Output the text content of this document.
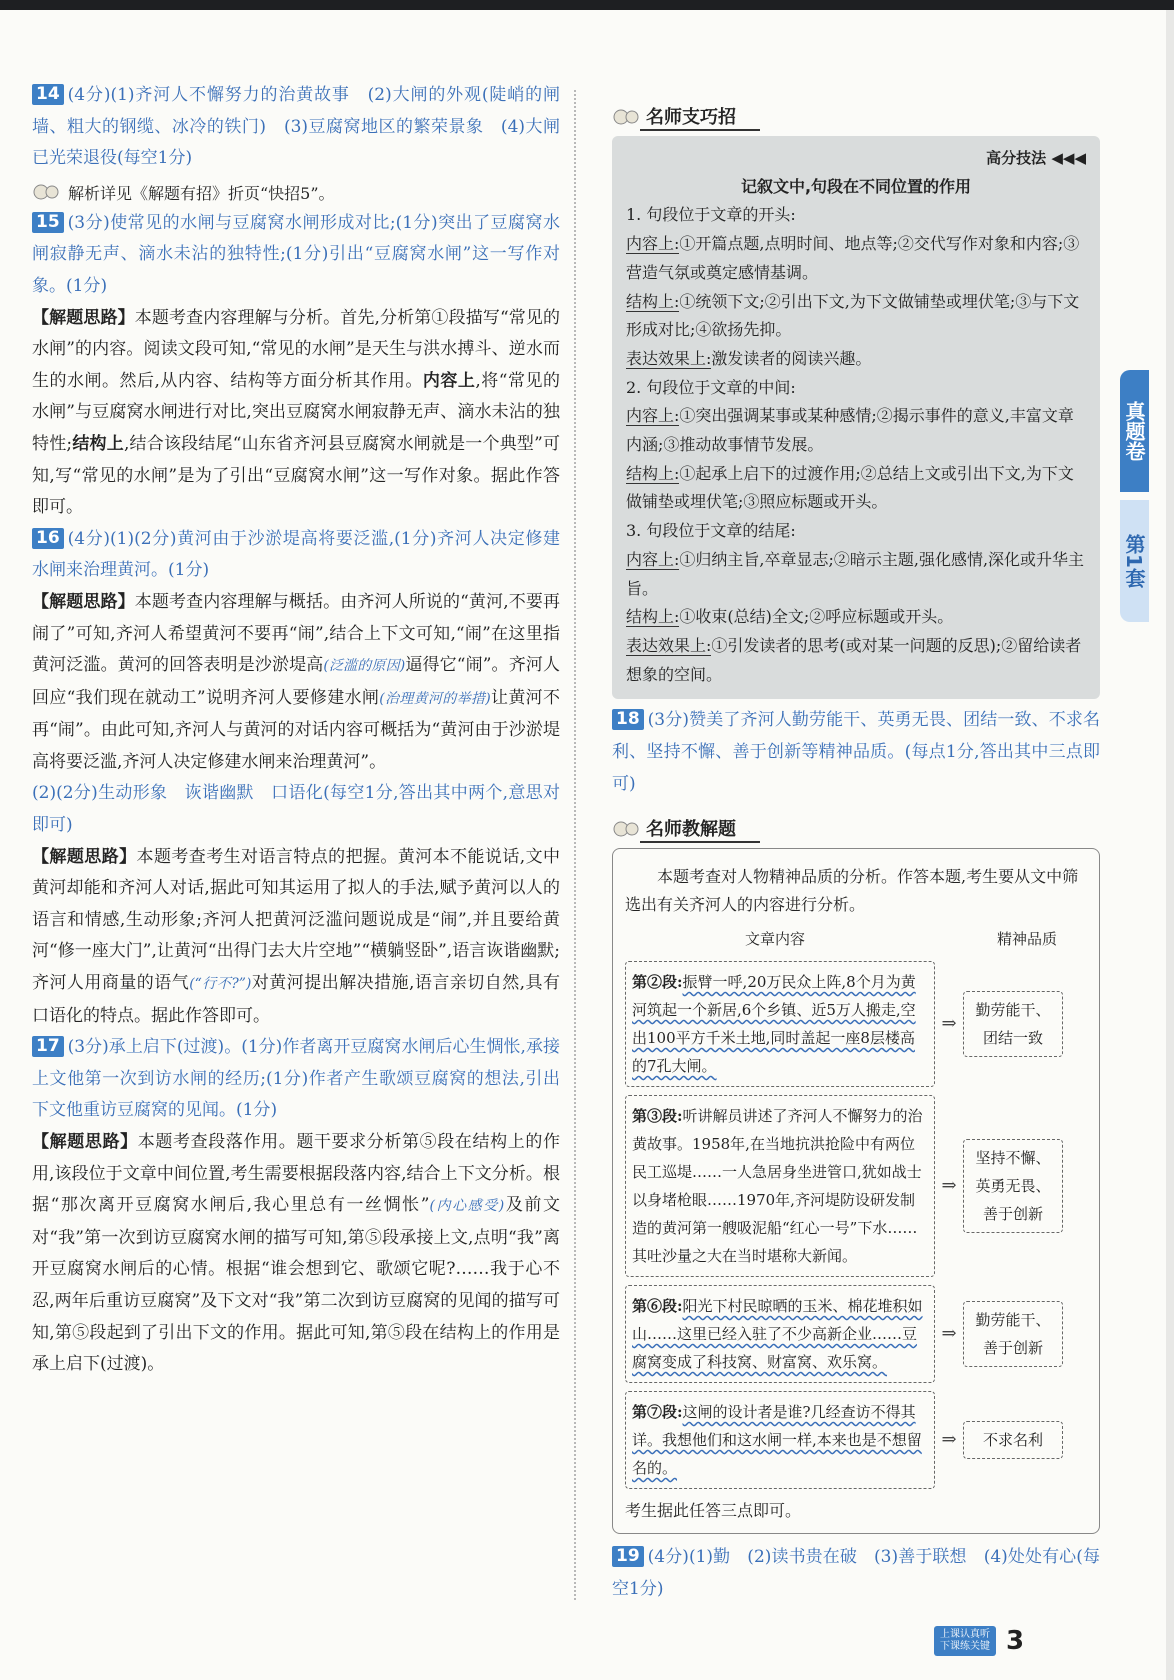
14 (4分)(1)齐河人不懈努力的治黄故事　(2)大闸的外观(陡峭的闸墙、粗大的钢缆、冰冷的铁门)　(3)豆腐窝地区的繁荣景象　(4)大闸已光荣退役(每空1分)

解析详见《解题有招》折页“快招5”。

15 (3分)使常见的水闸与豆腐窝水闸形成对比;(1分)突出了豆腐窝水闸寂静无声、滴水未沾的独特性;(1分)引出“豆腐窝水闸”这一写作对象。(1分)

【解题思路】本题考查内容理解与分析。首先,分析第①段描写“常见的水闸”的内容。阅读文段可知,“常见的水闸”是天生与洪水搏斗、逆水而生的水闸。然后,从内容、结构等方面分析其作用。内容上,将“常见的水闸”与豆腐窝水闸进行对比,突出豆腐窝水闸寂静无声、滴水未沾的独特性;结构上,结合该段结尾“山东省齐河县豆腐窝水闸就是一个典型”可知,写“常见的水闸”是为了引出“豆腐窝水闸”这一写作对象。据此作答即可。

16 (4分)(1)(2分)黄河由于沙淤堤高将要泛滥,(1分)齐河人决定修建水闸来治理黄河。(1分)

【解题思路】本题考查内容理解与概括。由齐河人所说的“黄河,不要再闹了”可知,齐河人希望黄河不要再“闹”,结合上下文可知,“闹”在这里指黄河泛滥。黄河的回答表明是沙淤堤高(泛滥的原因)逼得它“闹”。齐河人回应“我们现在就动工”说明齐河人要修建水闸(治理黄河的举措)让黄河不再“闹”。由此可知,齐河人与黄河的对话内容可概括为“黄河由于沙淤堤高将要泛滥,齐河人决定修建水闸来治理黄河”。

(2)(2分)生动形象　诙谐幽默　口语化(每空1分,答出其中两个,意思对即可)

【解题思路】本题考查考生对语言特点的把握。黄河本不能说话,文中黄河却能和齐河人对话,据此可知其运用了拟人的手法,赋予黄河以人的语言和情感,生动形象;齐河人把黄河泛滥问题说成是“闹”,并且要给黄河“修一座大门”,让黄河“出得门去大片空地”“横躺竖卧”,语言诙谐幽默;齐河人用商量的语气(“行不?”)对黄河提出解决措施,语言亲切自然,具有口语化的特点。据此作答即可。

17 (3分)承上启下(过渡)。(1分)作者离开豆腐窝水闸后心生惆怅,承接上文他第一次到访水闸的经历;(1分)作者产生歌颂豆腐窝的想法,引出下文他重访豆腐窝的见闻。(1分)

【解题思路】本题考查段落作用。题干要求分析第⑤段在结构上的作用,该段位于文章中间位置,考生需要根据段落内容,结合上下文分析。根据“那次离开豆腐窝水闸后,我心里总有一丝惆怅”(内心感受)及前文对“我”第一次到访豆腐窝水闸的描写可知,第⑤段承接上文,点明“我”离开豆腐窝水闸后的心情。根据“谁会想到它、歌颂它呢?……我于心不忍,两年后重访豆腐窝”及下文对“我”第二次到访豆腐窝的见闻的描写可知,第⑤段起到了引出下文的作用。据此可知,第⑤段在结构上的作用是承上启下(过渡)。

名师支巧招
高分技法 ◀◀◀
记叙文中,句段在不同位置的作用

1. 句段位于文章的开头:

内容上:①开篇点题,点明时间、地点等;②交代写作对象和内容;③营造气氛或奠定感情基调。

结构上:①统领下文;②引出下文,为下文做铺垫或埋伏笔;③与下文形成对比;④欲扬先抑。

表达效果上:激发读者的阅读兴趣。

2. 句段位于文章的中间:

内容上:①突出强调某事或某种感情;②揭示事件的意义,丰富文章内涵;③推动故事情节发展。

结构上:①起承上启下的过渡作用;②总结上文或引出下文,为下文做铺垫或埋伏笔;③照应标题或开头。

3. 句段位于文章的结尾:

内容上:①归纳主旨,卒章显志;②暗示主题,强化感情,深化或升华主旨。

结构上:①收束(总结)全文;②呼应标题或开头。

表达效果上:①引发读者的思考(或对某一问题的反思);②留给读者想象的空间。

18 (3分)赞美了齐河人勤劳能干、英勇无畏、团结一致、不求名利、坚持不懈、善于创新等精神品质。(每点1分,答出其中三点即可)

名师教解题

本题考查对人物精神品质的分析。作答本题,考生要从文中筛选出有关齐河人的内容进行分析。

文章内容	精神品质
第②段:振臂一呼,20万民众上阵,8个月为黄河筑起一个新居,6个乡镇、近5万人搬走,空出100平方千米土地,同时盖起一座8层楼高的7孔大闸。
⇒
勤劳能干、团结一致
第③段:听讲解员讲述了齐河人不懈努力的治黄故事。1958年,在当地抗洪抢险中有两位民工巡堤……一人急居身坐进管口,犹如战士以身堵枪眼……1970年,齐河堤防设研发制造的黄河第一艘吸泥船“红心一号”下水……其吐沙量之大在当时堪称大新闻。
⇒
坚持不懈、英勇无畏、善于创新
第⑥段:阳光下村民晾晒的玉米、棉花堆积如山……这里已经入驻了不少高新企业……豆腐窝变成了科技窝、财富窝、欢乐窝。
⇒
勤劳能干、善于创新
第⑦段:这闸的设计者是谁?几经查访不得其详。我想他们和这水闸一样,本来也是不想留名的。
⇒	不求名利

考生据此任答三点即可。

19 (4分)(1)勤　(2)读书贵在破　(3)善于联想　(4)处处有心(每空1分)

真题卷
第1套
上课认真听
下课练关键 3
